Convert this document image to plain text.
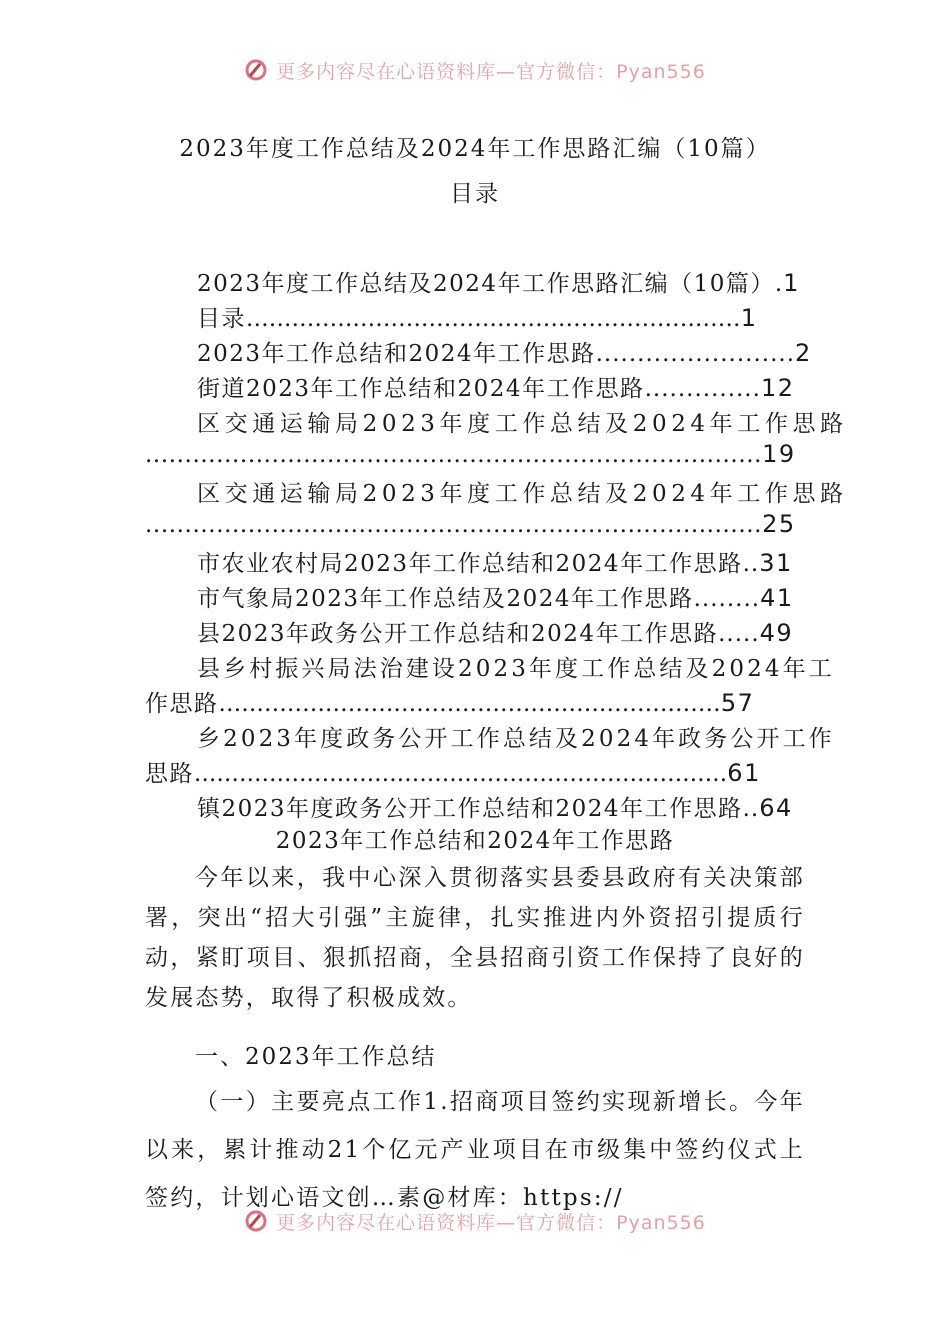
更多内容尽在心语资料库—官方微信：Pyan556
2023年度工作总结及2024年工作思路汇编（10篇）
目录
2023年度工作总结及2024年工作思路汇编（10篇）.1
目录.................................................................1
2023年工作总结和2024年工作思路........................2
街道2023年工作总结和2024年工作思路..............12
区交通运输局2023年度工作总结及2024年工作思路
..............................................................................19
区交通运输局2023年度工作总结及2024年工作思路
..............................................................................25
市农业农村局2023年工作总结和2024年工作思路..31
市气象局2023年工作总结及2024年工作思路........41
县2023年政务公开工作总结和2024年工作思路.....49
县乡村振兴局法治建设2023年度工作总结及2024年工
作思路..................................................................57
乡2023年度政务公开工作总结及2024年政务公开工作
思路.......................................................................61
镇2023年度政务公开工作总结和2024年工作思路..64
2023年工作总结和2024年工作思路
今年以来，我中心深入贯彻落实县委县政府有关决策部署，突出“招大引强”主旋律，扎实推进内外资招引提质行动，紧盯项目、狠抓招商，全县招商引资工作保持了良好的发展态势，取得了积极成效。
一、2023年工作总结
（一）主要亮点工作1.招商项目签约实现新增长。今年以来，累计推动21个亿元产业项目在市级集中签约仪式上签约，计划心语文创…素@材库：https://
更多内容尽在心语资料库—官方微信：Pyan556
